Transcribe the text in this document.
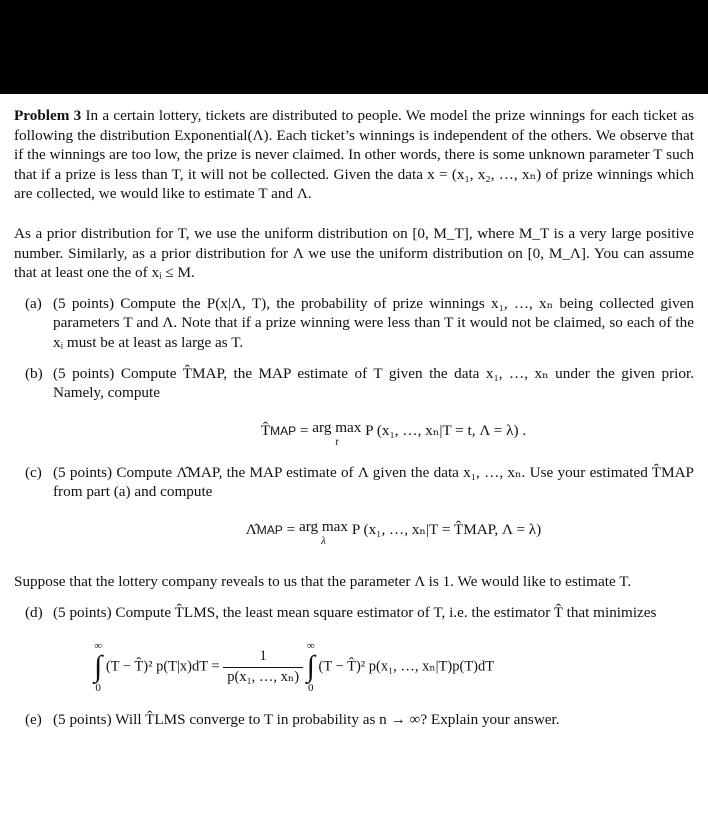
Problem 3 In a certain lottery, tickets are distributed to people. We model the prize winnings for each ticket as following the distribution Exponential(Λ). Each ticket’s winnings is independent of the others. We observe that if the winnings are too low, the prize is never claimed. In other words, there is some unknown parameter T such that if a prize is less than T, it will not be collected. Given the data x = (x₁, x₂, …, xₙ) of prize winnings which are collected, we would like to estimate T and Λ.

As a prior distribution for T, we use the uniform distribution on [0, M_T], where M_T is a very large positive number. Similarly, as a prior distribution for Λ we use the uniform distribution on [0, M_Λ]. You can assume that at least one the of xᵢ ≤ M.

(a) (5 points) Compute the P(x|Λ, T), the probability of prize winnings x₁, …, xₙ being collected given parameters T and Λ. Note that if a prize winning were less than T it would not be claimed, so each of the xᵢ must be at least as large as T.

(b) (5 points) Compute T̂MAP, the MAP estimate of T given the data x₁, …, xₙ under the given prior. Namely, compute

T̂MAP = arg max
t
P (x₁, …, xₙ|T = t, Λ = λ) .
(c) (5 points) Compute Λ̂MAP, the MAP estimate of Λ given the data x₁, …, xₙ. Use your estimated T̂MAP from part (a) and compute

Λ̂MAP = arg max
λ
P (x₁, …, xₙ|T = T̂MAP, Λ = λ)

Suppose that the lottery company reveals to us that the parameter Λ is 1. We would like to estimate T.

(d) (5 points) Compute T̂LMS, the least mean square estimator of T, i.e. the estimator T̂ that minimizes

∞
∫
0 (T − T̂)² $p(T|x)dT = \frac{1}{\text{p(x₁, …, xₙ)}}$
∞
∫
0 (T − T̂)² p(x₁, …, xₙ|T)p(T)dT
(e) (5 points) Will T̂LMS converge to T in probability as n → ∞? Explain your answer.
